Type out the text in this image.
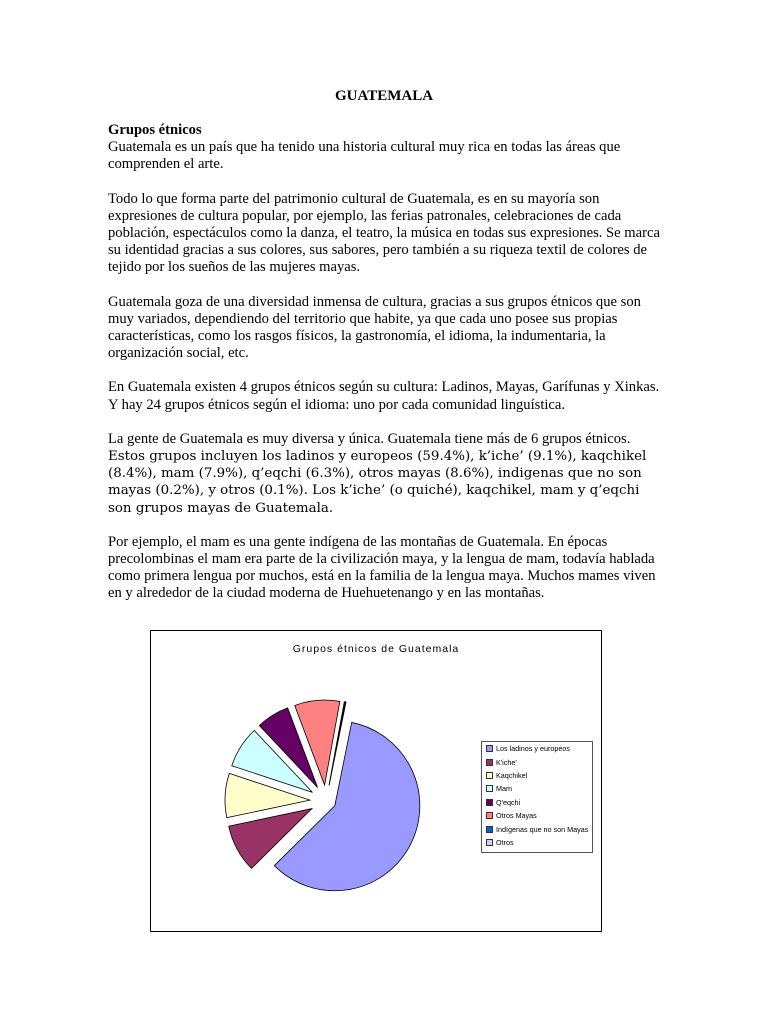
GUATEMALA
Grupos étnicos

Guatemala es un país que ha tenido una historia cultural muy rica en todas las áreas que comprenden el arte.

Todo lo que forma parte del patrimonio cultural de Guatemala, es en su mayoría son expresiones de cultura popular, por ejemplo, las ferias patronales, celebraciones de cada población, espectáculos como la danza, el teatro, la música en todas sus expresiones. Se marca su identidad gracias a sus colores, sus sabores, pero también a su riqueza textil de colores de tejido por los sueños de las mujeres mayas.

Guatemala goza de una diversidad inmensa de cultura, gracias a sus grupos étnicos que son muy variados, dependiendo del territorio que habite, ya que cada uno posee sus propias características, como los rasgos físicos, la gastronomía, el idioma, la indumentaria, la organización social, etc.

En Guatemala existen 4 grupos étnicos según su cultura: Ladinos, Mayas, Garífunas y Xinkas. Y hay 24 grupos étnicos según el idioma: uno por cada comunidad linguística.

La gente de Guatemala es muy diversa y única. Guatemala tiene más de 6 grupos étnicos. Estos grupos incluyen los ladinos y europeos (59.4%), k’iche’ (9.1%), kaqchikel (8.4%), mam (7.9%), q’eqchi (6.3%), otros mayas (8.6%), indigenas que no son mayas (0.2%), y otros (0.1%). Los k’iche’ (o quiché), kaqchikel, mam y q’eqchi son grupos mayas de Guatemala.

Por ejemplo, el mam es una gente indígena de las montañas de Guatemala. En épocas precolombinas el mam era parte de la civilización maya, y la lengua de mam, todavía hablada como primera lengua por muchos, está en la familia de la lengua maya. Muchos mames viven en y alrededor de la ciudad moderna de Huehuetenango y en las montañas.

Grupos étnicos de Guatemala
Los ladinos y europeos
K'iche'
Kaqchikel
Mam
Q'eqchi
Otros Mayas
Indígenas que no son Mayas
Otros
